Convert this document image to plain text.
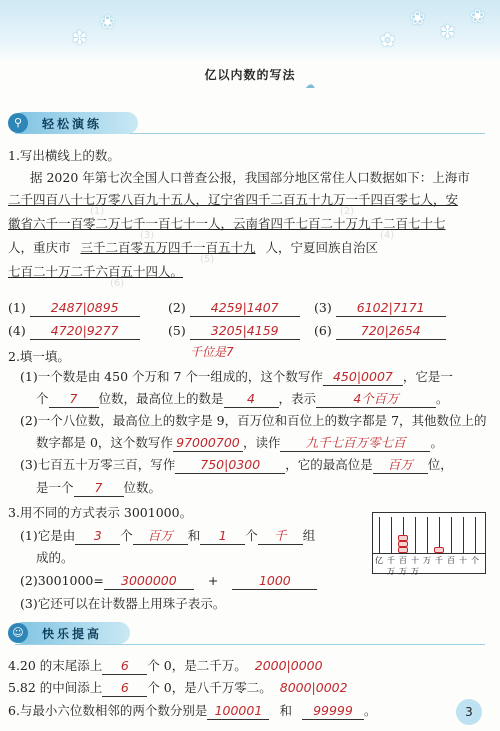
✽
❀	❀
✽
❀
✿
亿以内数的写法
☁
轻松演练
⚲
1.写出横线上的数。
据 2020 年第七次全国人口普查公报，我国部分地区常住人口数据如下：上海市
二千四百八十七万零八百九十五人，辽宁省四千二百五十九万一千四百零七人，安
徽省六千一百零二万七千一百七十一人，云南省四千七百二十万九千二百七十七
人，重庆市 三千二百零五万四千一百五十九 人，宁夏回族自治区
七百二十万二千六百五十四人。
(1)	(2)
(3)	(4)
(5)
(6)
(1) 2487|0895	(2) 4259|1407	(3) 6102|7171
(4) 4720|9277	(5) 3205|4159	(6) 720|2654
2.填一填。	千位是7
(1)一个数是由 450 个万和 7 个一组成的，这个数写作 450|0007 ，它是一
个 7 位数，最高位上的数是 4 ，表示	4个百万	。
(2)一个八位数，最高位上的数字是 9，百万位和百位上的数字都是 7，其他数位上的
数字都是 0，这个数写作 97000700 ，读作 九千七百万零七百 。
(3)七百五十万零三百，写作 750|0300 ，它的最高位是 百万 位，
是一个 7 位数。
3.用不同的方式表示 3001000。
(1)它是由 3 个 百万 和 1 个 千 组
成的。
(2)3001000= 3000000 +	1000
(3)它还可以在计数器上用珠子表示。
亿 千万
百万
十万
万 千 百 十 个
快乐提高
☺
4.20 的末尾添上 6 个 0，是二千万。 2000|0000
5.82 的中间添上 6 个 0，是八千万零二。 8000|0002
6.与最小六位数相邻的两个数分别是 100001 和 99999 。	3
